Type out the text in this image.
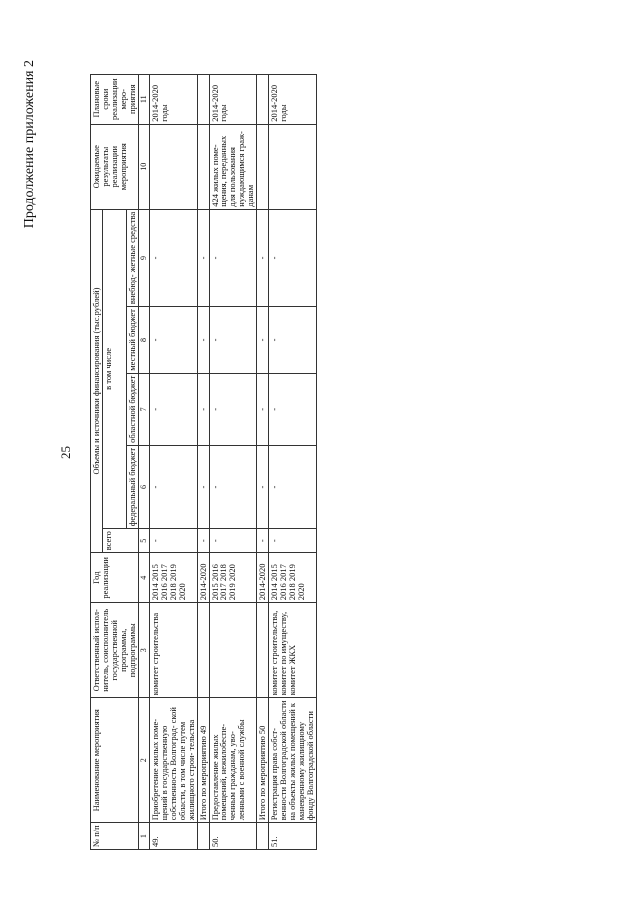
25
Продолжение приложения 2
№ п/п	Наименование мероприятия	Ответственный испол- нитель, соисполнитель государственной программы, подпрограммы	Год реализации	Объемы и источники финансирования (тыс.рублей)					Ожидаемые результаты реализации мероприятия	Плановые сроки реализации меро- приятия
				всего	в том числе					
					федеральный бюджет	областной бюджет	местный бюджет	внебюд- жетные средства		
1	2	3	4	5	6	7	8	9	10	11
49.	Приобретение жилых поме- щений в государственную собственность Волгоград- ской области, в том числе путем жилищного строи- тельства	комитет строительства	2014 2015 2016 2017 2018 2019 2020	-	-	-	-	-		2014-2020 годы
	Итого по мероприятию 49		2014-2020	-	-	-	-	-		
50.	Предоставление жилых помещений, нежилобеспе- ченным гражданам, уво- ленными с военной службы		2015 2016 2017 2018 2019 2020	-	-	-	-	-	424 жилых поме- щения, переданных для пользования нуждающимся граж- данам	2014-2020 годы
	Итого по мероприятию 50		2014-2020	-	-	-	-	-		
51.	Регистрация права собст- венности Волгоградской области на объекты жилых помещений к маневренному жилищному фонду Волгоградской области	комитет строительства, комитет по имуществу, комитет ЖКХ	2014 2015 2016 2017 2018 2019 2020	-	-	-	-	-		2014-2020 годы
